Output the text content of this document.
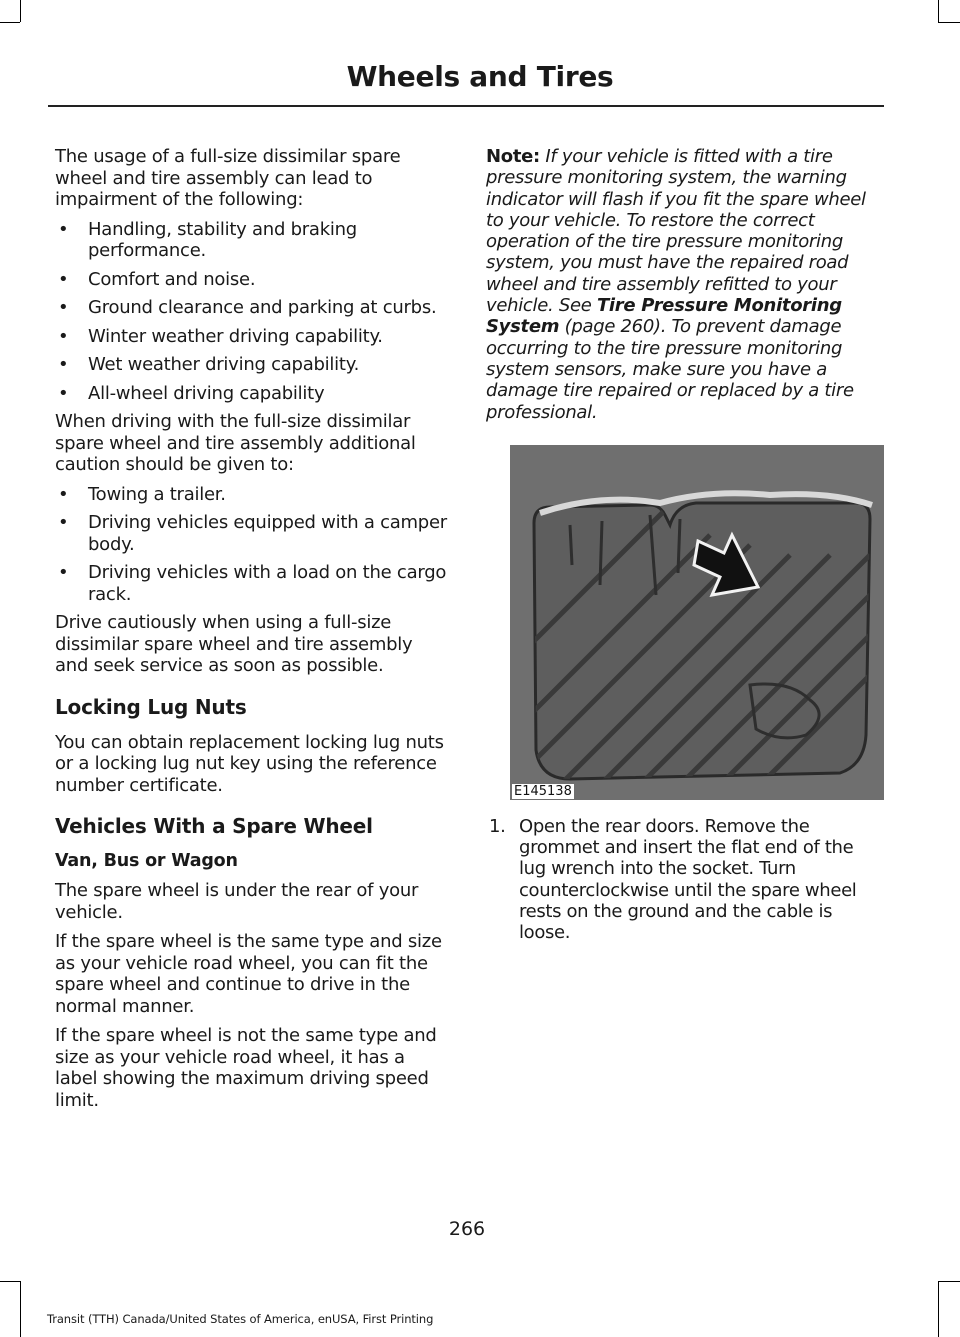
Wheels and Tires

The usage of a full-size dissimilar spare wheel and tire assembly can lead to impairment of the following:

• Handling, stability and braking performance.
• Comfort and noise.
• Ground clearance and parking at curbs.
• Winter weather driving capability.
• Wet weather driving capability.
• All-wheel driving capability

When driving with the full-size dissimilar spare wheel and tire assembly additional caution should be given to:

• Towing a trailer.
• Driving vehicles equipped with a camper body.
• Driving vehicles with a load on the cargo rack.

Drive cautiously when using a full-size dissimilar spare wheel and tire assembly and seek service as soon as possible.

Locking Lug Nuts

You can obtain replacement locking lug nuts or a locking lug nut key using the reference number certificate.

Vehicles With a Spare Wheel
Van, Bus or Wagon

The spare wheel is under the rear of your vehicle.

If the spare wheel is the same type and size as your vehicle road wheel, you can fit the spare wheel and continue to drive in the normal manner.

If the spare wheel is not the same type and size as your vehicle road wheel, it has a label showing the maximum driving speed limit.

Note: If your vehicle is fitted with a tire pressure monitoring system, the warning indicator will flash if you fit the spare wheel to your vehicle. To restore the correct operation of the tire pressure monitoring system, you must have the repaired road wheel and tire assembly refitted to your vehicle. See Tire Pressure Monitoring System (page 260). To prevent damage occurring to the tire pressure monitoring system sensors, make sure you have a damage tire repaired or replaced by a tire professional.

E145138
1. Open the rear doors. Remove the grommet and insert the flat end of the lug wrench into the socket. Turn counterclockwise until the spare wheel rests on the ground and the cable is loose.
266
Transit (TTH) Canada/United States of America, enUSA, First Printing
